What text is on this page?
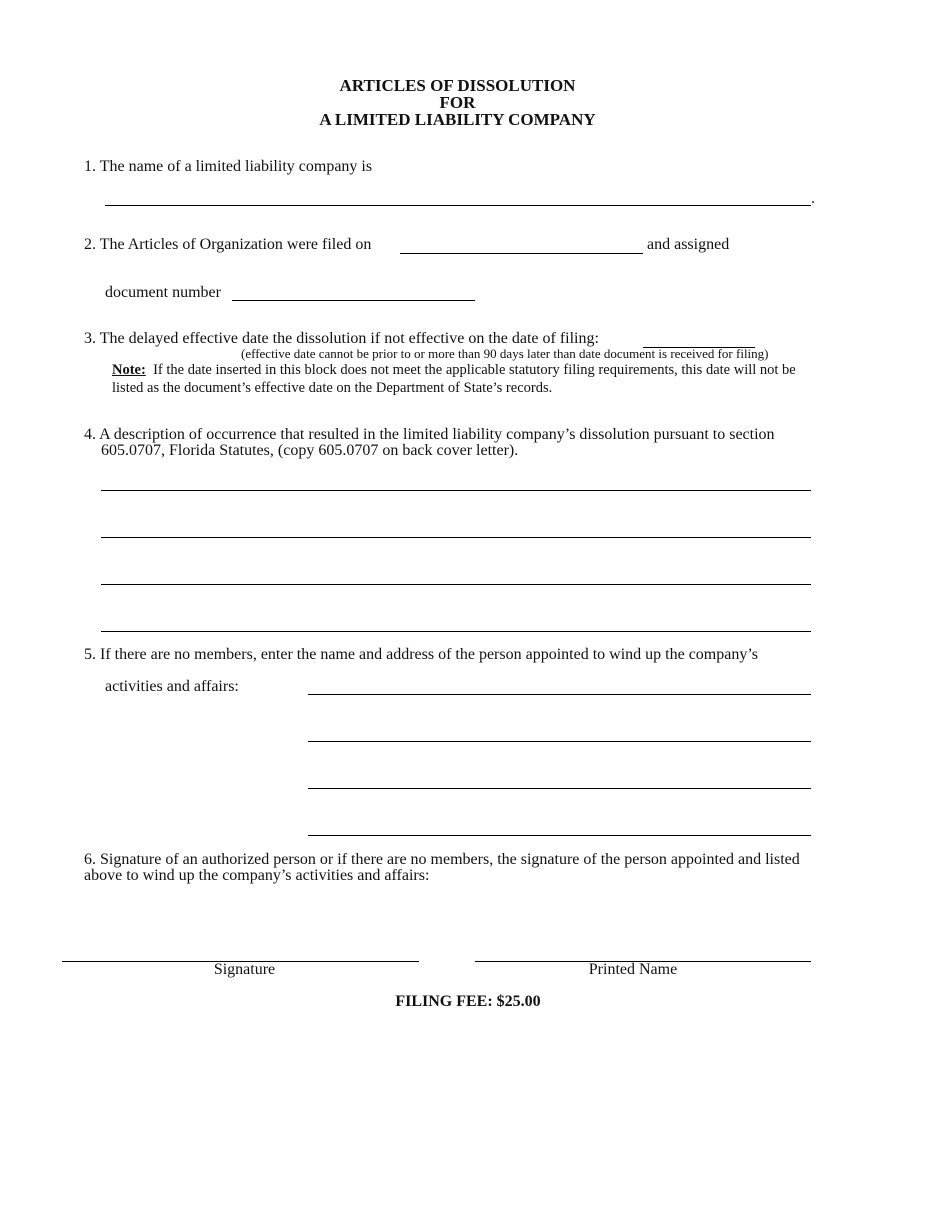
ARTICLES OF DISSOLUTION
FOR
A LIMITED LIABILITY COMPANY
1. The name of a limited liability company is
.
2. The Articles of Organization were filed on	and assigned
document number
3. The delayed effective date the dissolution if not effective on the date of filing:
(effective date cannot be prior to or more than 90 days later than date document is received for filing)
Note: If the date inserted in this block does not meet the applicable statutory filing requirements, this date will not be
listed as the document’s effective date on the Department of State’s records.
4. A description of occurrence that resulted in the limited liability company’s dissolution pursuant to section
605.0707, Florida Statutes, (copy 605.0707 on back cover letter).
5. If there are no members, enter the name and address of the person appointed to wind up the company’s
activities and affairs:
6. Signature of an authorized person or if there are no members, the signature of the person appointed and listed
above to wind up the company’s activities and affairs:
Signature	Printed Name
FILING FEE: $25.00
